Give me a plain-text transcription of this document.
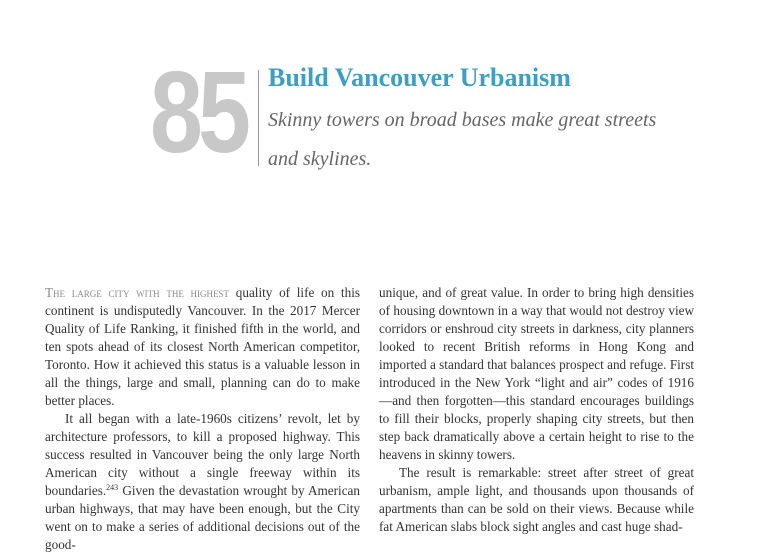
85 Build Vancouver Urbanism
Skinny towers on broad bases make great streets and skylines.

The large city with the highest quality of life on this continent is undisputedly Vancouver. In the 2017 Mercer Quality of Life Ranking, it finished fifth in the world, and ten spots ahead of its closest North American competitor, Toronto. How it achieved this status is a valuable lesson in all the things, large and small, planning can do to make better places.

It all began with a late-1960s citizens’ revolt, let by architecture professors, to kill a proposed highway. This success resulted in Vancouver being the only large North American city without a single freeway within its boundaries.$^{243}$ Given the devastation wrought by American urban highways, that may have been enough, but the City went on to make a series of additional decisions out of the good-

unique, and of great value. In order to bring high densities of housing downtown in a way that would not destroy view corridors or enshroud city streets in darkness, city planners looked to recent British reforms in Hong Kong and imported a standard that balances prospect and refuge. First introduced in the New York “light and air” codes of 1916—and then forgotten—this standard encourages buildings to fill their blocks, properly shaping city streets, but then step back dramatically above a certain height to rise to the heavens in skinny towers.

The result is remarkable: street after street of great urbanism, ample light, and thousands upon thousands of apartments than can be sold on their views. Because while fat American slabs block sight angles and cast huge shad-
